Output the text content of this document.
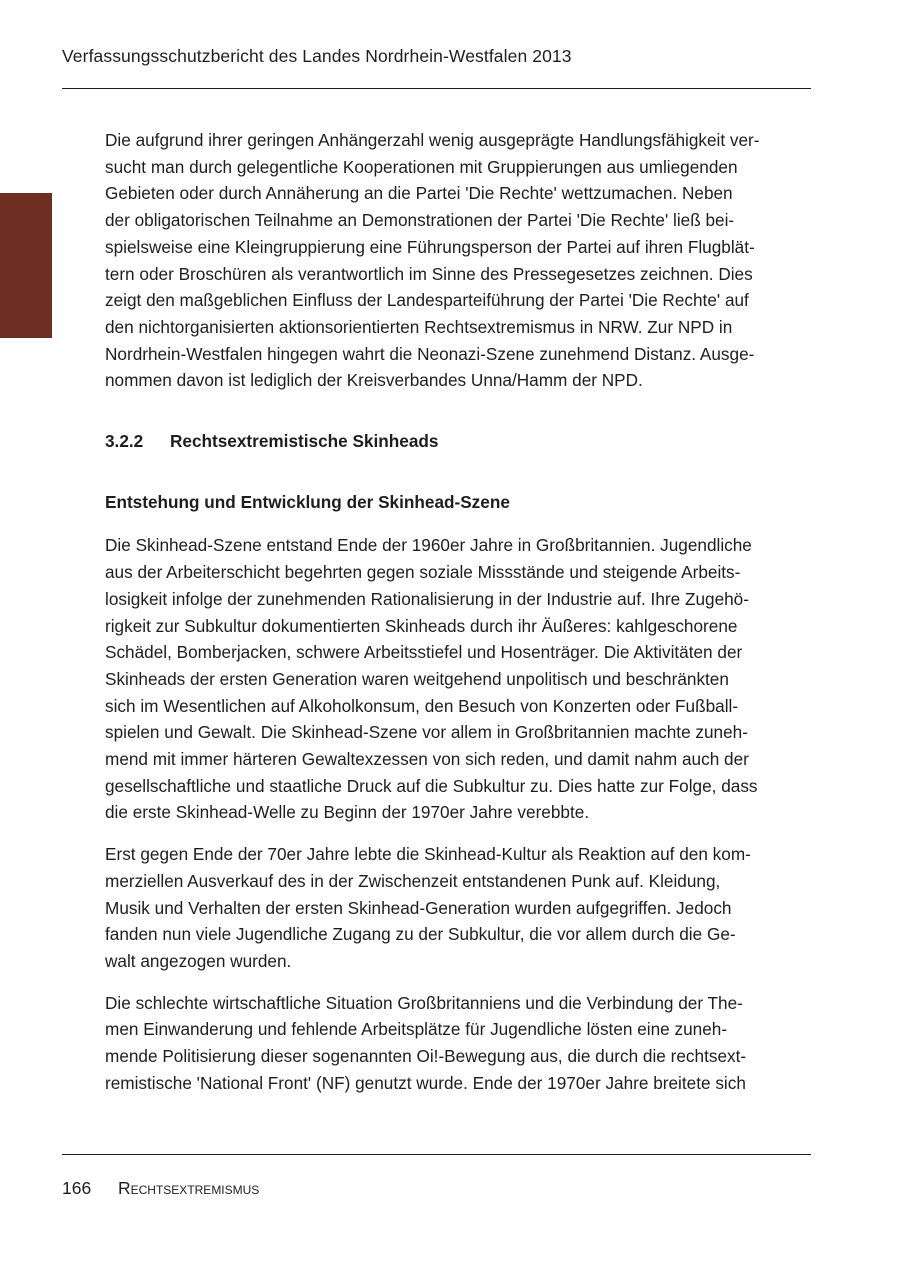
Verfassungsschutzbericht des Landes Nordrhein-Westfalen 2013

Die aufgrund ihrer geringen Anhängerzahl wenig ausgeprägte Handlungsfähigkeit ver-

sucht man durch gelegentliche Kooperationen mit Gruppierungen aus umliegenden

Gebieten oder durch Annäherung an die Partei 'Die Rechte' wettzumachen. Neben

der obligatorischen Teilnahme an Demonstrationen der Partei 'Die Rechte' ließ bei-

spielsweise eine Kleingruppierung eine Führungsperson der Partei auf ihren Flugblät-

tern oder Broschüren als verantwortlich im Sinne des Pressegesetzes zeichnen. Dies

zeigt den maßgeblichen Einfluss der Landesparteiführung der Partei 'Die Rechte' auf

den nichtorganisierten aktionsorientierten Rechtsextremismus in NRW. Zur NPD in

Nordrhein-Westfalen hingegen wahrt die Neonazi-Szene zunehmend Distanz. Ausge-

nommen davon ist lediglich der Kreisverbandes Unna/Hamm der NPD.

3.2.2 Rechtsextremistische Skinheads
Entstehung und Entwicklung der Skinhead-Szene

Die Skinhead-Szene entstand Ende der 1960er Jahre in Großbritannien. Jugendliche

aus der Arbeiterschicht begehrten gegen soziale Missstände und steigende Arbeits-

losigkeit infolge der zunehmenden Rationalisierung in der Industrie auf. Ihre Zugehö-

rigkeit zur Subkultur dokumentierten Skinheads durch ihr Äußeres: kahlgeschorene

Schädel, Bomberjacken, schwere Arbeitsstiefel und Hosenträger. Die Aktivitäten der

Skinheads der ersten Generation waren weitgehend unpolitisch und beschränkten

sich im Wesentlichen auf Alkoholkonsum, den Besuch von Konzerten oder Fußball-

spielen und Gewalt. Die Skinhead-Szene vor allem in Großbritannien machte zuneh-

mend mit immer härteren Gewaltexzessen von sich reden, und damit nahm auch der

gesellschaftliche und staatliche Druck auf die Subkultur zu. Dies hatte zur Folge, dass

die erste Skinhead-Welle zu Beginn der 1970er Jahre verebbte.

Erst gegen Ende der 70er Jahre lebte die Skinhead-Kultur als Reaktion auf den kom-

merziellen Ausverkauf des in der Zwischenzeit entstandenen Punk auf. Kleidung,

Musik und Verhalten der ersten Skinhead-Generation wurden aufgegriffen. Jedoch

fanden nun viele Jugendliche Zugang zu der Subkultur, die vor allem durch die Ge-

walt angezogen wurden.

Die schlechte wirtschaftliche Situation Großbritanniens und die Verbindung der The-

men Einwanderung und fehlende Arbeitsplätze für Jugendliche lösten eine zuneh-

mende Politisierung dieser sogenannten Oi!-Bewegung aus, die durch die rechtsext-

remistische 'National Front' (NF) genutzt wurde. Ende der 1970er Jahre breitete sich

166 Rechtsextremismus
